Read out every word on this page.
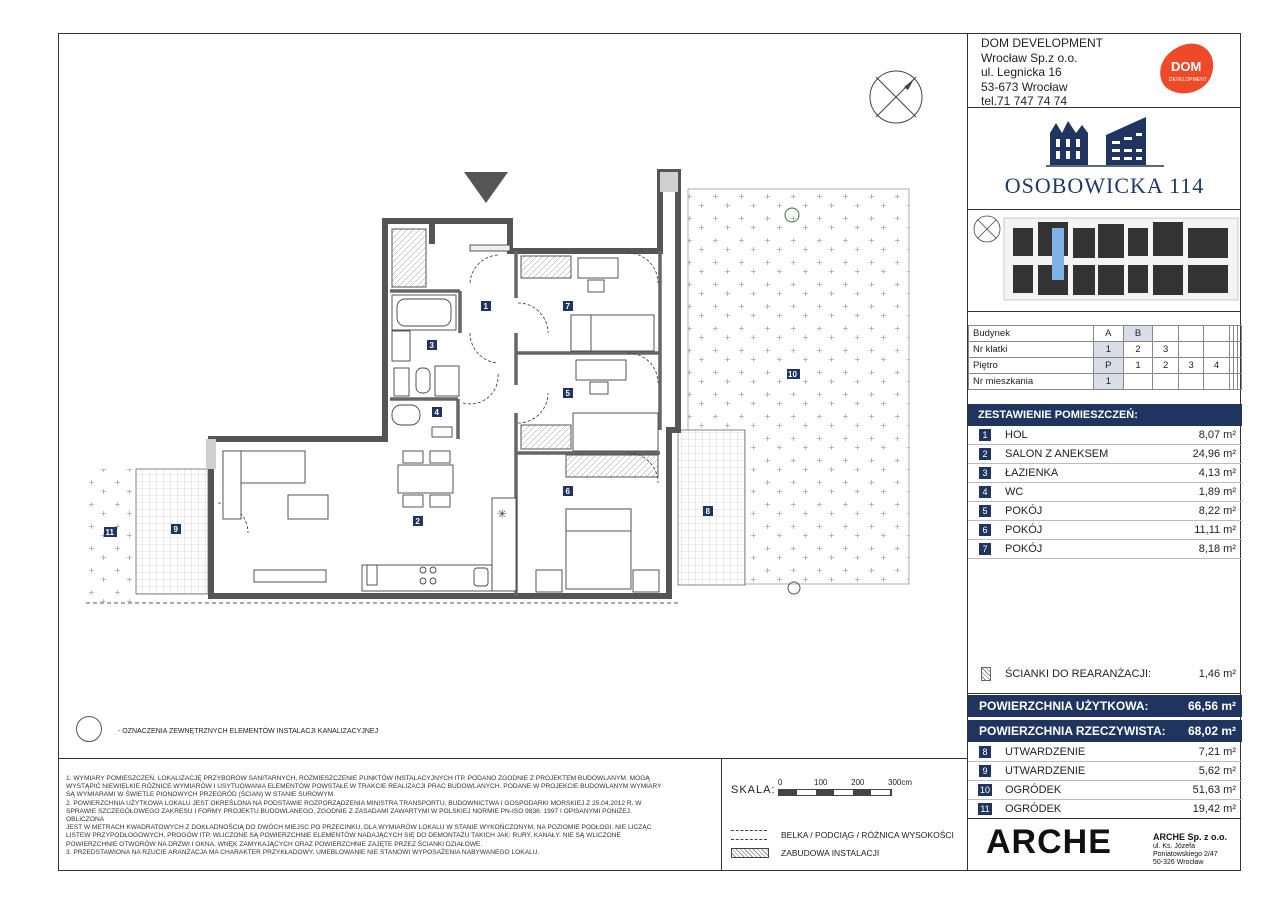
✳
1
2
3
4
5
6
7
8
9
10
11
- OZNACZENIA ZEWNĘTRZNYCH ELEMENTÓW INSTALACJI KANALIZACYJNEJ
1. WYMIARY POMIESZCZEŃ, LOKALIZACJĘ PRZYBORÓW SANITARNYCH, ROZMIESZCZENIE PUNKTÓW INSTALACYJNYCH ITP. PODANO ZGODNIE Z PROJEKTEM BUDOWLANYM. MOGĄ
WYSTĄPIĆ NIEWIELKIE RÓŻNICE WYMIARÓW I USYTUOWANIA ELEMENTÓW POWSTAŁE W TRAKCIE REALIZACJI PRAC BUDOWLANYCH. PODANE W PROJEKCIE BUDOWLANYM WYMIARY
SĄ WYMIARAMI W ŚWIETLE PIONOWYCH PRZEGRÓD (ŚCIAN) W STANIE SUROWYM.
2. POWIERZCHNIA UŻYTKOWA LOKALU JEST OKREŚLONA NA PODSTAWIE ROZPORZĄDZENIA MINISTRA TRANSPORTU, BUDOWNICTWA I GOSPODARKI MORSKIEJ Z 25.04.2012 R. W
SPRAWIE SZCZEGÓŁOWEGO ZAKRESU I FORMY PROJEKTU BUDOWLANEGO, ZGODNIE Z ZASADAMI ZAWARTYMI W POLSKIEJ NORMIE PN-ISO 9836: 1997 I OPISANYMI PONIŻEJ. OBLICZONA
JEST W METRACH KWADRATOWYCH Z DOKŁADNOŚCIĄ DO DWÓCH MIEJSC PO PRZECINKU, DLA WYMIARÓW LOKALU W STANIE WYKOŃCZONYM, NA POZIOMIE PODŁOGI. NIE LICZĄC
LISTEW PRZYPODŁOGOWYCH, PROGÓW ITP. WLICZONE SĄ POWIERZCHNIE ELEMENTÓW NADAJĄCYCH SIĘ DO DEMONTAŻU TAKICH JAK: RURY, KANAŁY. NIE SĄ WLICZONE
POWIERZCHNIE OTWORÓW NA DRZWI I OKNA, WNĘK ZAMYKAJĄCYCH ORAZ POWIERZCHNIE ZAJĘTE PRZEZ ŚCIANKI DZIAŁOWE.
3. PRZEDSTAWIONA NA RZUCIE ARANŻACJA MA CHARAKTER PRZYKŁADOWY, UMEBLOWANIE NIE STANOWI WYPOSAŻENIA NABYWANEGO LOKALU.
SKALA:
0	100	200	300cm
BELKA / PODCIĄG / RÓŻNICA WYSOKOŚCI
ZABUDOWA INSTALACJI
DOM DEVELOPMENT
Wrocław Sp.z o.o.
ul. Legnicka 16
53-673 Wrocław
tel.71 747 74 74
DOM
DEVELOPMENT
OSOBOWICKA 114
Budynek	A	B						
Nr klatki	1	2	3					
Piętro	P	1	2	3	4			
Nr mieszkania	1							
ZESTAWIENIE POMIESZCZEŃ:
1	HOL	8,07 m²
2	SALON Z ANEKSEM	24,96 m²
3	ŁAZIENKA	4,13 m²
4	WC	1,89 m²
5	POKÓJ	8,22 m²
6	POKÓJ	11,11 m²
7	POKÓJ	8,18 m²
ŚCIANKI DO REARANŻACJI:	1,46 m²
POWIERZCHNIA UŻYTKOWA:	66,56 m²
POWIERZCHNIA RZECZYWISTA: 68,02 m²
8	UTWARDZENIE	7,21 m²
9	UTWARDZENIE	5,62 m²
10 OGRÓDEK	51,63 m²
11 OGRÓDEK	19,42 m²
ARCHE	ARCHE Sp. z o.o.
ul. Ks. Józefa Poniatowskiego 2/47
50-326 Wrocław
